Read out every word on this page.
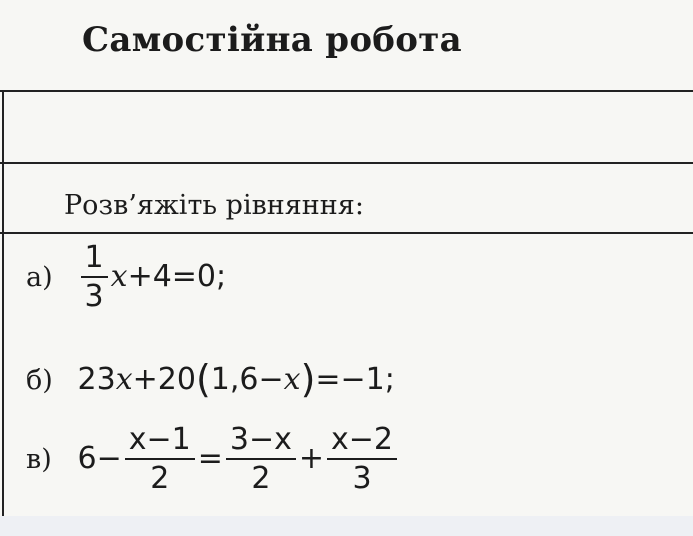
Самостійна робота
Розв’яжіть рівняння:
$а) \frac{1}{3} x+4=0$;
б) 23x+20(1,6−x)=−1;
в) $6- \frac{x-1}{2} = \frac{3-x}{2} + \frac{x-2}{3}$
